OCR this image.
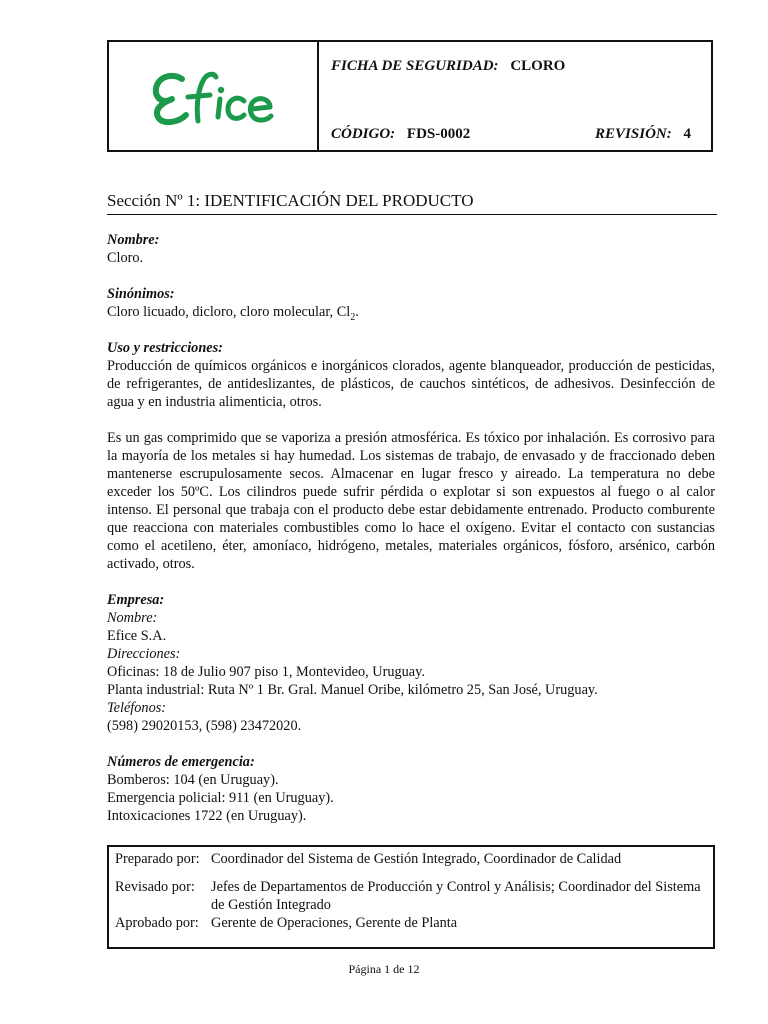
Efice	FICHA DE SEGURIDAD: CLORO
CÓDIGO: FDS-0002	REVISIÓN: 4
Sección Nº 1: IDENTIFICACIÓN DEL PRODUCTO

Nombre:

Cloro.

Sinónimos:

Cloro licuado, dicloro, cloro molecular, $Cl_2$.

Uso y restricciones:

Producción de químicos orgánicos e inorgánicos clorados, agente blanqueador, producción de pesticidas, de refrigerantes, de antideslizantes, de plásticos, de cauchos sintéticos, de adhesivos. Desinfección de agua y en industria alimenticia, otros.

Es un gas comprimido que se vaporiza a presión atmosférica. Es tóxico por inhalación. Es corrosivo para la mayoría de los metales si hay humedad. Los sistemas de trabajo, de envasado y de fraccionado deben mantenerse escrupulosamente secos. Almacenar en lugar fresco y aireado. La temperatura no debe exceder los 50ºC. Los cilindros puede sufrir pérdida o explotar si son expuestos al fuego o al calor intenso. El personal que trabaja con el producto debe estar debidamente entrenado. Producto comburente que reacciona con materiales combustibles como lo hace el oxígeno. Evitar el contacto con sustancias como el acetileno, éter, amoníaco, hidrógeno, metales, materiales orgánicos, fósforo, arsénico, carbón activado, otros.

Empresa:

Nombre:

Efice S.A.

Direcciones:

Oficinas: 18 de Julio 907 piso 1, Montevideo, Uruguay.

Planta industrial: Ruta Nº 1 Br. Gral. Manuel Oribe, kilómetro 25, San José, Uruguay.

Teléfonos:

(598) 29020153, (598) 23472020.

Números de emergencia:

Bomberos: 104 (en Uruguay).

Emergencia policial: 911 (en Uruguay).

Intoxicaciones 1722 (en Uruguay).

Preparado por: Coordinador del Sistema de Gestión Integrado, Coordinador de Calidad
Revisado por:	Jefes de Departamentos de Producción y Control y Análisis; Coordinador del Sistema de Gestión Integrado
Aprobado por: Gerente de Operaciones, Gerente de Planta
Página 1 de 12
